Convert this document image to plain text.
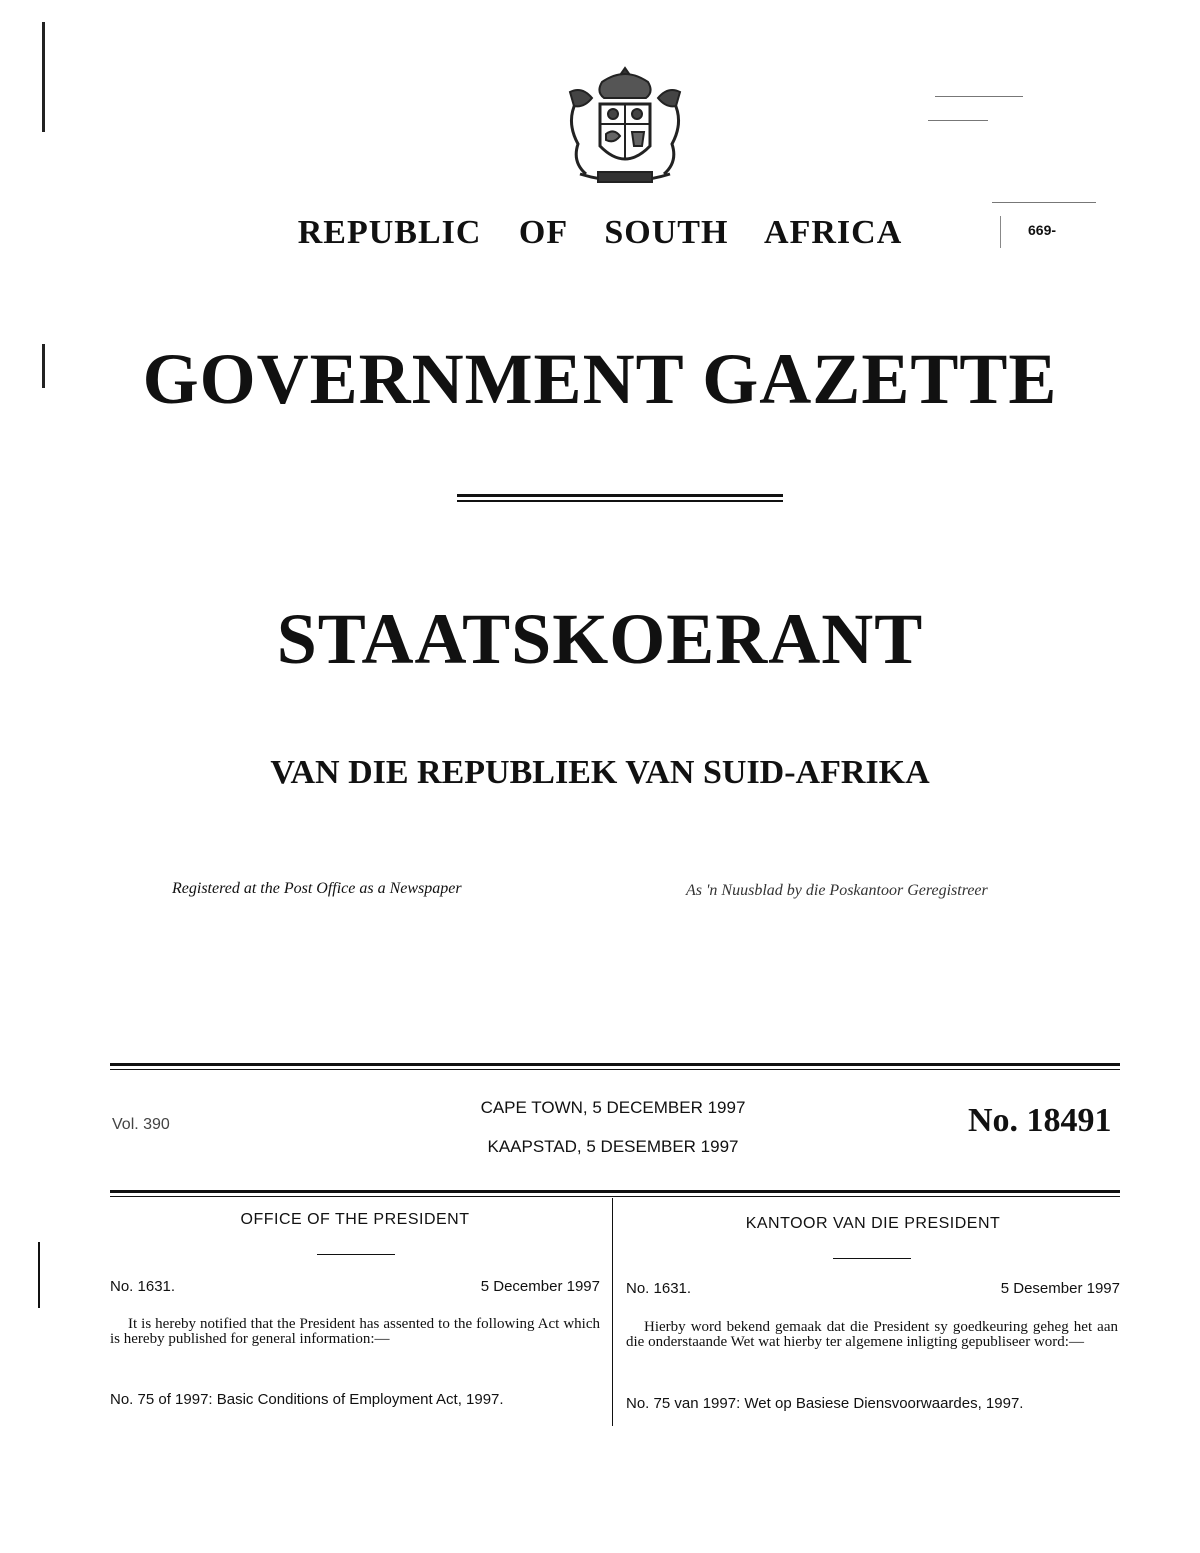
REPUBLIC OF SOUTH AFRICA	669-
GOVERNMENT GAZETTE
STAATSKOERANT
VAN DIE REPUBLIEK VAN SUID-AFRIKA
Registered at the Post Office as a Newspaper	As 'n Nuusblad by die Poskantoor Geregistreer
Vol. 390
CAPE TOWN, 5 DECEMBER 1997
KAAPSTAD, 5 DESEMBER 1997
No. 18491
OFFICE OF THE PRESIDENT
No. 1631.	5 December 1997
It is hereby notified that the President has assented to the following Act which is hereby published for general information:—
No. 75 of 1997: Basic Conditions of Employment Act, 1997.
KANTOOR VAN DIE PRESIDENT
No. 1631.	5 Desember 1997
Hierby word bekend gemaak dat die President sy goedkeuring geheg het aan die onderstaande Wet wat hierby ter algemene inligting gepubliseer word:—
No. 75 van 1997: Wet op Basiese Diensvoorwaardes, 1997.
